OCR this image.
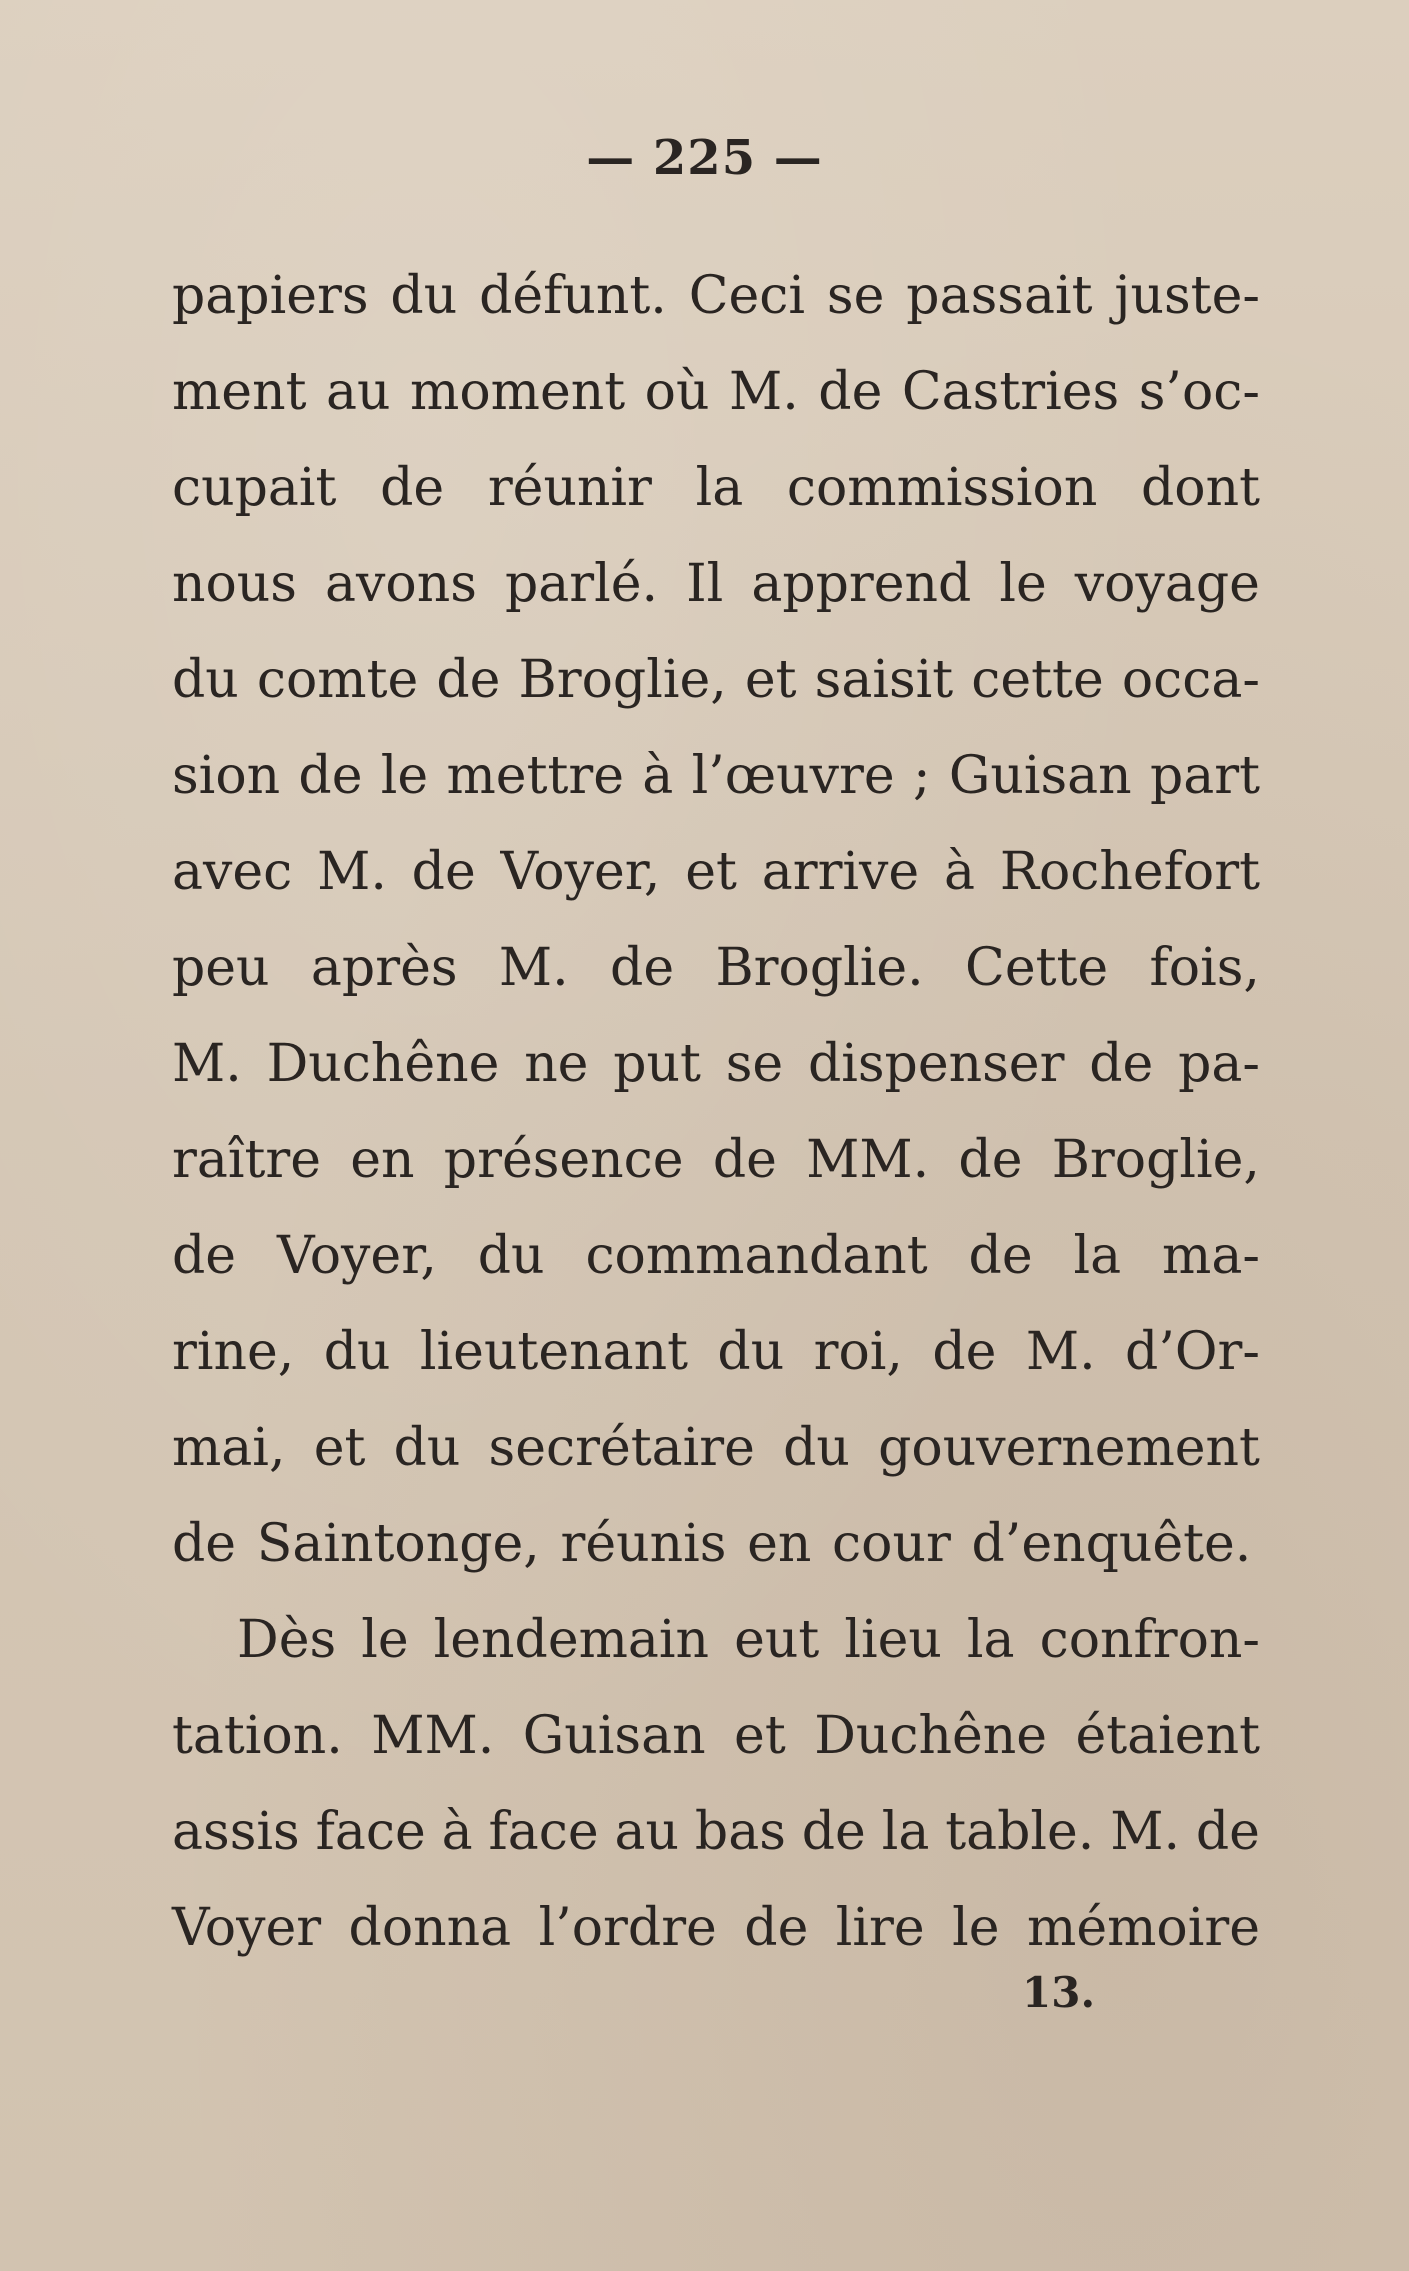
— 225 —
papiers du défunt. Ceci se passait juste-
ment au moment où M. de Castries s’oc-
cupait de réunir la commission dont
nous avons parlé. Il apprend le voyage
du comte de Broglie, et saisit cette occa-
sion de le mettre à l’œuvre ; Guisan part
avec M. de Voyer, et arrive à Rochefort
peu après M. de Broglie. Cette fois,
M. Duchêne ne put se dispenser de pa-
raître en présence de MM. de Broglie,
de Voyer, du commandant de la ma-
rine, du lieutenant du roi, de M. d’Or-
mai, et du secrétaire du gouvernement
de Saintonge, réunis en cour d’enquête.
Dès le lendemain eut lieu la confron-
tation. MM. Guisan et Duchêne étaient
assis face à face au bas de la table. M. de
Voyer donna l’ordre de lire le mémoire
13.
